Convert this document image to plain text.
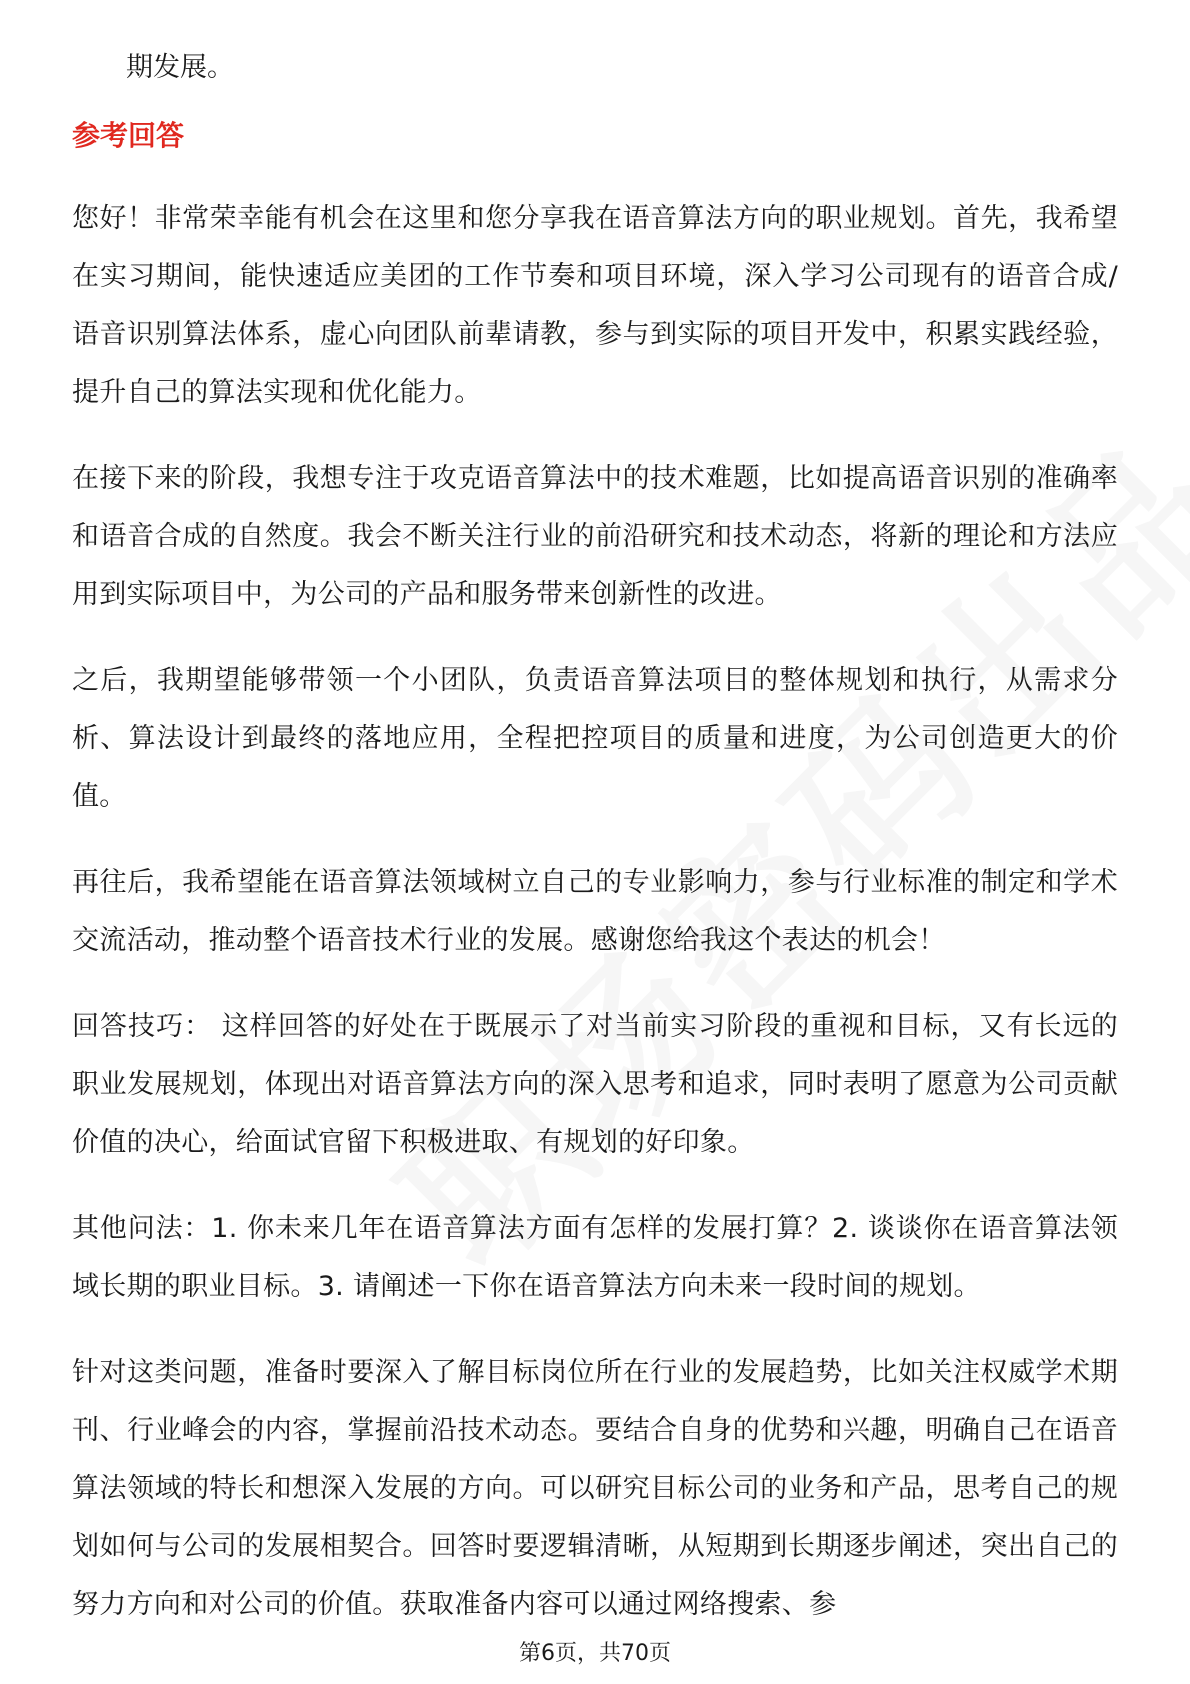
期发展。

参考回答

您好！非常荣幸能有机会在这里和您分享我在语音算法方向的职业规划。首先，我希望在实习期间，能快速适应美团的工作节奏和项目环境，深入学习公司现有的语音合成/语音识别算法体系，虚心向团队前辈请教，参与到实际的项目开发中，积累实践经验，提升自己的算法实现和优化能力。

在接下来的阶段，我想专注于攻克语音算法中的技术难题，比如提高语音识别的准确率和语音合成的自然度。我会不断关注行业的前沿研究和技术动态，将新的理论和方法应用到实际项目中，为公司的产品和服务带来创新性的改进。

之后，我期望能够带领一个小团队，负责语音算法项目的整体规划和执行，从需求分析、算法设计到最终的落地应用，全程把控项目的质量和进度，为公司创造更大的价值。

再往后，我希望能在语音算法领域树立自己的专业影响力，参与行业标准的制定和学术交流活动，推动整个语音技术行业的发展。感谢您给我这个表达的机会！

回答技巧： 这样回答的好处在于既展示了对当前实习阶段的重视和目标，又有长远的职业发展规划，体现出对语音算法方向的深入思考和追求，同时表明了愿意为公司贡献价值的决心，给面试官留下积极进取、有规划的好印象。

其他问法：1. 你未来几年在语音算法方面有怎样的发展打算？2. 谈谈你在语音算法领域长期的职业目标。3. 请阐述一下你在语音算法方向未来一段时间的规划。

针对这类问题，准备时要深入了解目标岗位所在行业的发展趋势，比如关注权威学术期刊、行业峰会的内容，掌握前沿技术动态。要结合自身的优势和兴趣，明确自己在语音算法领域的特长和想深入发展的方向。可以研究目标公司的业务和产品，思考自己的规划如何与公司的发展相契合。回答时要逻辑清晰，从短期到长期逐步阐述，突出自己的努力方向和对公司的价值。获取准备内容可以通过网络搜索、参

第6页，共70页
